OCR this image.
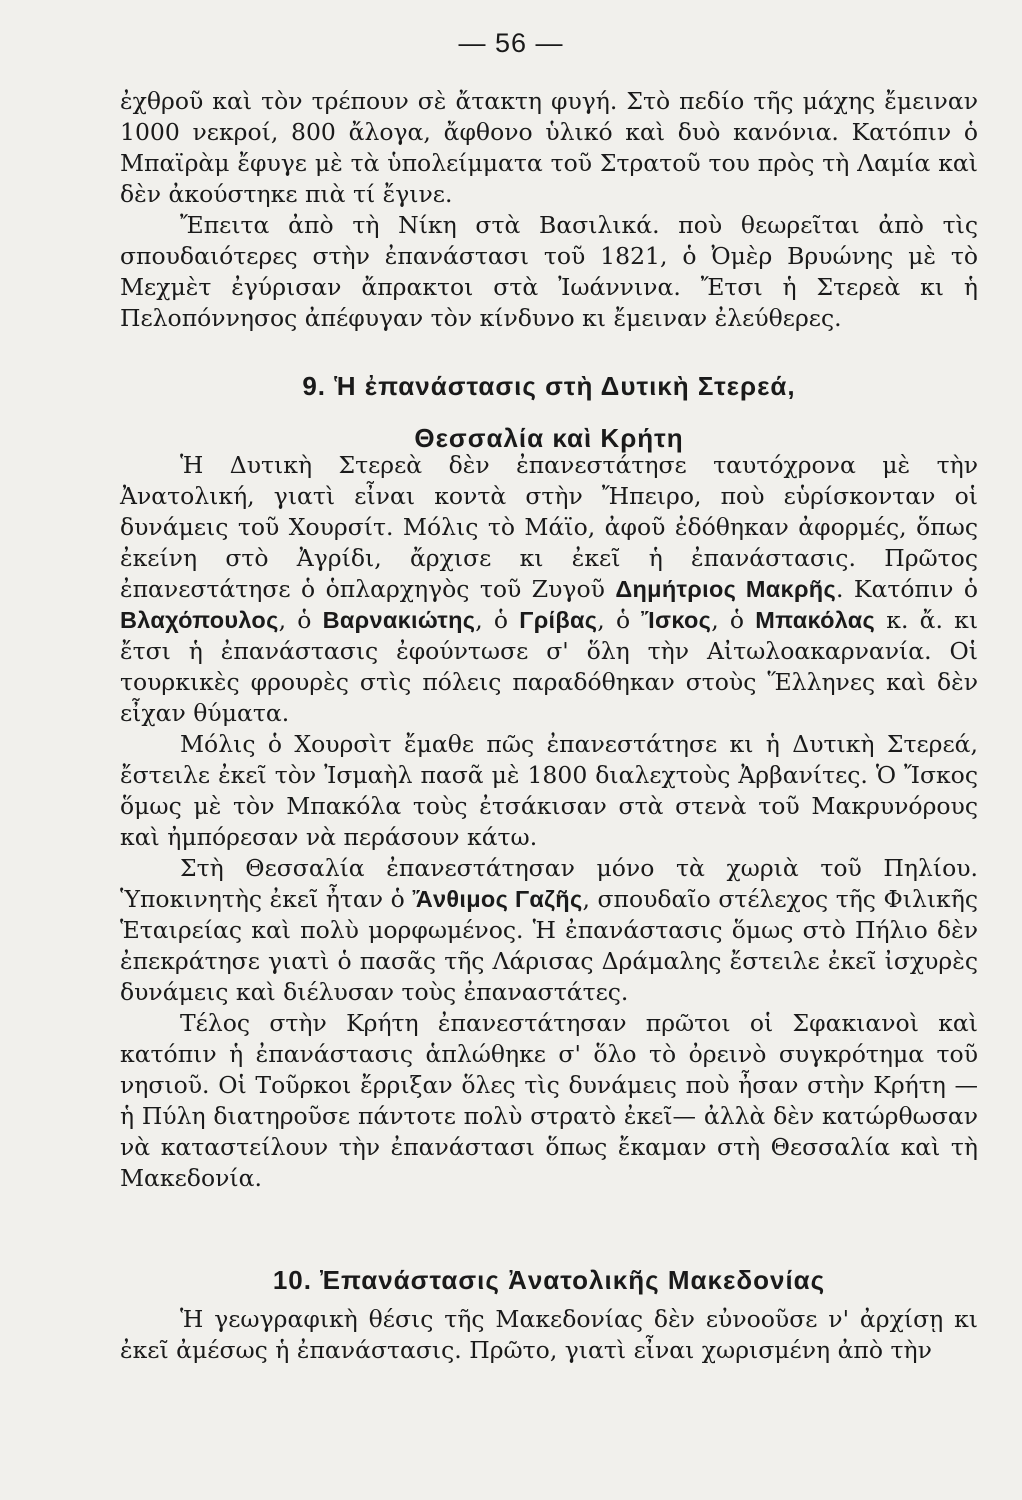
— 56 —

ἐχθροῦ καὶ τὸν τρέπουν σὲ ἄτακτη φυγή. Στὸ πεδίο τῆς μάχης ἔμειναν 1000 νεκροί, 800 ἄλογα, ἄφθονο ὑλικό καὶ δυὸ κανόνια. Κατόπιν ὁ Μπαϊρὰμ ἔφυγε μὲ τὰ ὑπολείμματα τοῦ Στρατοῦ του πρὸς τὴ Λαμία καὶ δὲν ἀκούστηκε πιὰ τί ἔγινε.

Ἔπειτα ἀπὸ τὴ Νίκη στὰ Βασιλικά. ποὺ θεωρεῖται ἀπὸ τὶς σπουδαιότερες στὴν ἐπανάστασι τοῦ 1821, ὁ Ὀμὲρ Βρυώνης μὲ τὸ Μεχμὲτ ἐγύρισαν ἄπρακτοι στὰ Ἰωάννινα. Ἔτσι ἡ Στερεὰ κι ἡ Πελοπόννησος ἀπέφυγαν τὸν κίνδυνο κι ἔμειναν ἐλεύθερες.

9. Ἡ ἐπανάστασις στὴ Δυτικὴ Στερεά,
Θεσσαλία καὶ Κρήτη

Ἡ Δυτικὴ Στερεὰ δὲν ἐπανεστάτησε ταυτόχρονα μὲ τὴν Ἀνατολική, γιατὶ εἶναι κοντὰ στὴν Ἤπειρο, ποὺ εὑρίσκονταν οἱ δυνάμεις τοῦ Χουρσίτ. Μόλις τὸ Μάϊο, ἀφοῦ ἐδόθηκαν ἀφορμές, ὅπως ἐκείνη στὸ Ἀγρίδι, ἄρχισε κι ἐκεῖ ἡ ἐπανάστασις. Πρῶτος ἐπανεστάτησε ὁ ὁπλαρχηγὸς τοῦ Ζυγοῦ Δημήτριος Μακρῆς. Κατόπιν ὁ Βλαχόπουλος, ὁ Βαρνακιώτης, ὁ Γρίβας, ὁ Ἴσκος, ὁ Μπακόλας κ. ἄ. κι ἔτσι ἡ ἐπανάστασις ἐφούντωσε σ' ὅλη τὴν Αἰτωλοακαρνανία. Οἱ τουρκικὲς φρουρὲς στὶς πόλεις παραδόθηκαν στοὺς Ἕλληνες καὶ δὲν εἶχαν θύματα.

Μόλις ὁ Χουρσὶτ ἔμαθε πῶς ἐπανεστάτησε κι ἡ Δυτικὴ Στερεά, ἔστειλε ἐκεῖ τὸν Ἰσμαὴλ πασᾶ μὲ 1800 διαλεχτοὺς Ἀρβανίτες. Ὁ Ἴσκος ὅμως μὲ τὸν Μπακόλα τοὺς ἐτσάκισαν στὰ στενὰ τοῦ Μακρυνόρους καὶ ἠμπόρεσαν νὰ περάσουν κάτω.

Στὴ Θεσσαλία ἐπανεστάτησαν μόνο τὰ χωριὰ τοῦ Πηλίου. Ὑποκινητὴς ἐκεῖ ἦταν ὁ Ἄνθιμος Γαζῆς, σπουδαῖο στέλεχος τῆς Φιλικῆς Ἑταιρείας καὶ πολὺ μορφωμένος. Ἡ ἐπανάστασις ὅμως στὸ Πήλιο δὲν ἐπεκράτησε γιατὶ ὁ πασᾶς τῆς Λάρισας Δράμαλης ἔστειλε ἐκεῖ ἰσχυρὲς δυνάμεις καὶ διέλυσαν τοὺς ἐπαναστάτες.

Τέλος στὴν Κρήτη ἐπανεστάτησαν πρῶτοι οἱ Σφακιανοὶ καὶ κατόπιν ἡ ἐπανάστασις ἁπλώθηκε σ' ὅλο τὸ ὀρεινὸ συγκρότημα τοῦ νησιοῦ. Οἱ Τοῦρκοι ἔρριξαν ὅλες τὶς δυνάμεις ποὺ ἦσαν στὴν Κρήτη —ἡ Πύλη διατηροῦσε πάντοτε πολὺ στρατὸ ἐκεῖ— ἀλλὰ δὲν κατώρθωσαν νὰ καταστείλουν τὴν ἐπανάστασι ὅπως ἔκαμαν στὴ Θεσσαλία καὶ τὴ Μακεδονία.

10. Ἐπανάστασις Ἀνατολικῆς Μακεδονίας

Ἡ γεωγραφικὴ θέσις τῆς Μακεδονίας δὲν εὐνοοῦσε ν' ἀρχίσῃ κι ἐκεῖ ἀμέσως ἡ ἐπανάστασις. Πρῶτο, γιατὶ εἶναι χωρισμένη ἀπὸ τὴν
